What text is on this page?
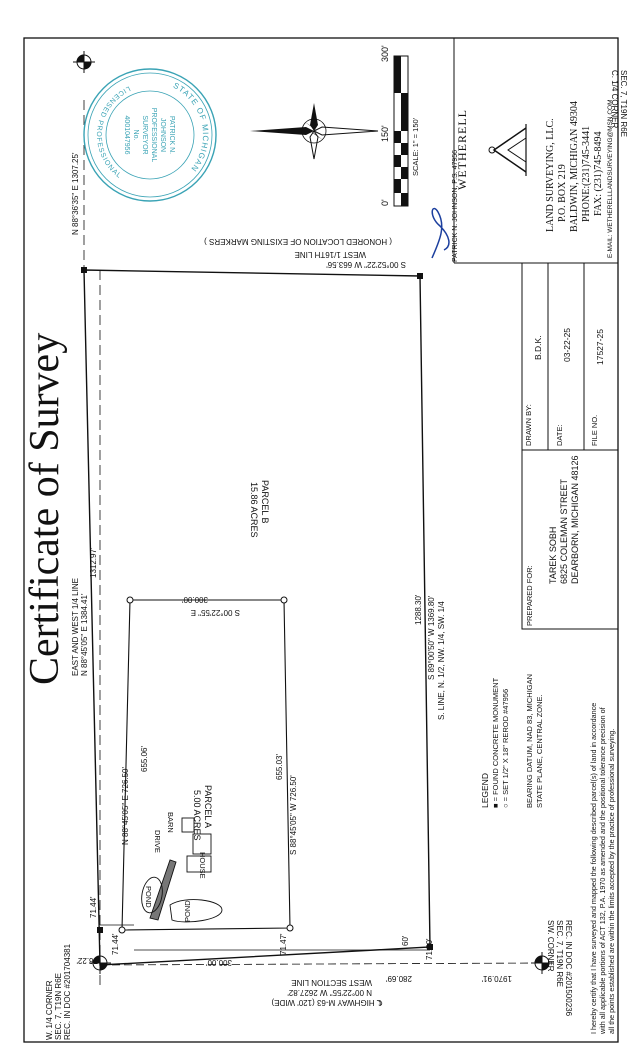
Certificate of Survey
W. 1/4 CORNER SEC. 7, T19N R6E REC. IN DOC #201704381
C. 1/4 CORNER SEC. 7, T19N R6E
SW. CORNER SEC. 7, T19N R6E REC. IN DOC #201500236
N 88°36'35" E 1307.25'
EAST AND WEST 1/4 LINE N 88°45'05" E 1384.41'
1312.97'
S 00°52'22" W 663.56'
WEST 1/16TH LINE
( HONORED LOCATION OF EXISTING MARKERS )
S 89°00'50" W 1369.80'
1288.30' S. LINE, N. 1/2, NW. 1/4, SW. 1/4
N 00°22'55" W 2627.82'
WEST SECTION LINE
℄ HIGHWAY M-63 (120' WIDE)
N 88°45'05" E 726.50'
655.06'
S 88°45'05" W 726.50'
655.03'
S 00°22'55" E
300.00'
300.00'
71.44'
71.44'
76.22'
71.47'	71.50'
60'
280.69'	1970.91'
PARCEL A
5.00 ACRES
PARCEL B
15.86 ACRES
BARN
HOUSE
DRIVE
POND
POND
LEGEND ■ = FOUND CONCRETE MONUMENT ○ = SET 1/2" X 18" REROD #47956 BEARING DATUM, NAD 83, MICHIGAN STATE PLANE, CENTRAL ZONE.	I hereby certify that I have surveyed and mapped the following described parcel(s) of land in accordance with all applicable portions of ACT 132, P.A. 1970 as amended and the positional tolerance precision of all the points established are within the limits accepted by the practice of professional surveying.
PREPARED FOR:
TAREK SOBH 6825 COLEMAN STREET DEARBORN, MICHIGAN 48126
DRAWN BY:
B.D.K.
DATE:
03-22-25
FILE NO.
17527-25
WETHERELL	LAND SURVEYING, LLC. P.O. BOX 219 BALDWIN, MICHIGAN 49304 PHONE:(231)745-3441 FAX: (231)745-8494 E-MAIL: WETHERELLLANDSURVEYING@MSN.COM
PATRICK N. JOHNSON, P.S. 47956
0'
150'
300'
SCALE: 1" = 150'
STATE OF MICHIGAN
LICENSED PROFESSIONAL
PATRICK N.
JOHNSON
PROFESSIONAL
SURVEYOR
No.
4001047956
